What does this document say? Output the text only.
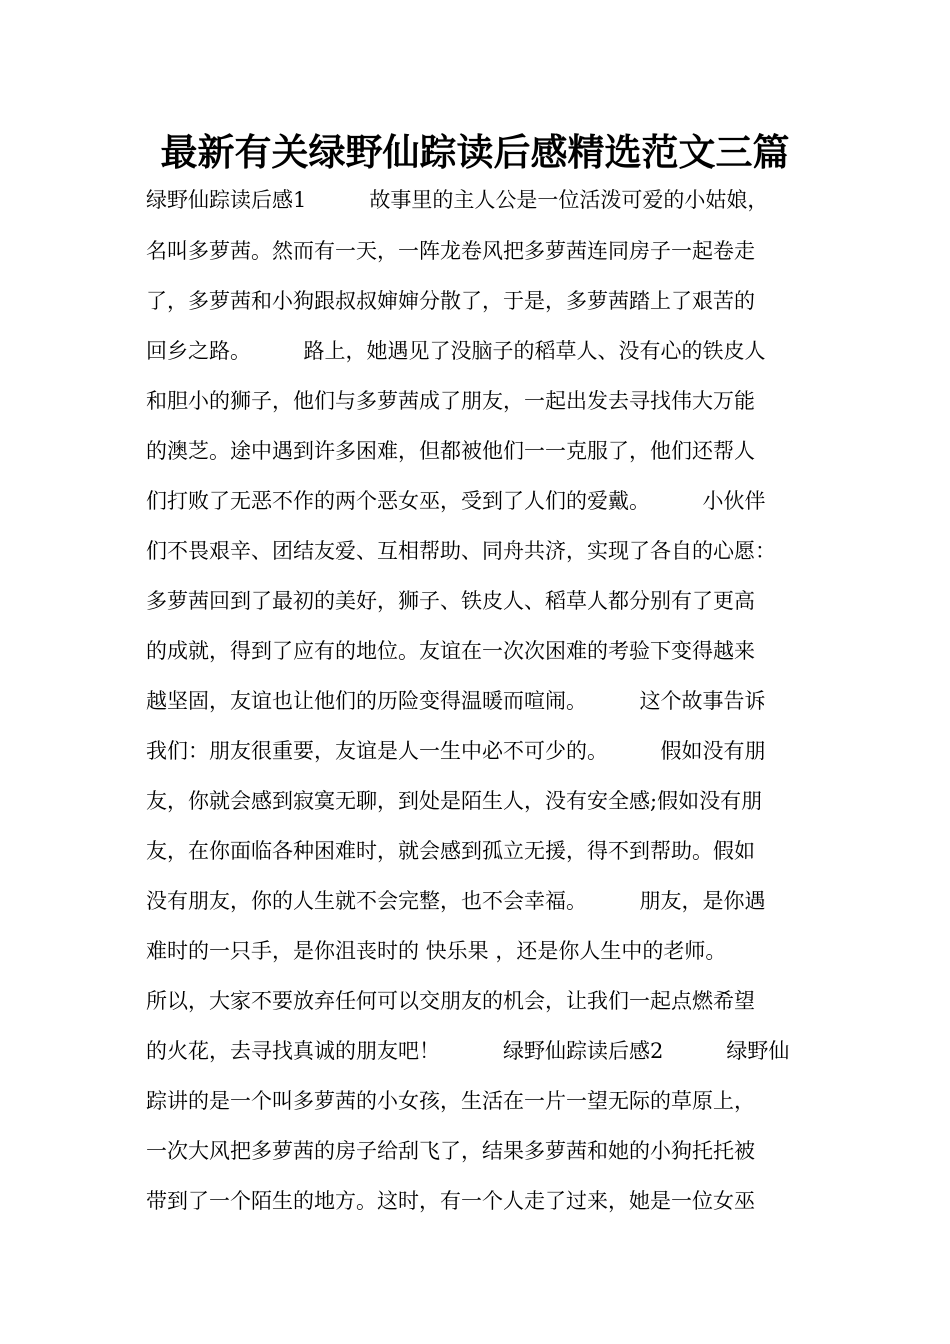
最新有关绿野仙踪读后感精选范文三篇
绿野仙踪读后感1　　　故事里的主人公是一位活泼可爱的小姑娘，
名叫多萝茜。然而有一天，一阵龙卷风把多萝茜连同房子一起卷走
了，多萝茜和小狗跟叔叔婶婶分散了，于是，多萝茜踏上了艰苦的
回乡之路。　　　路上，她遇见了没脑子的稻草人、没有心的铁皮人
和胆小的狮子，他们与多萝茜成了朋友，一起出发去寻找伟大万能
的澳芝。途中遇到许多困难，但都被他们一一克服了，他们还帮人
们打败了无恶不作的两个恶女巫，受到了人们的爱戴。　　　小伙伴
们不畏艰辛、团结友爱、互相帮助、同舟共济，实现了各自的心愿：
多萝茜回到了最初的美好，狮子、铁皮人、稻草人都分别有了更高
的成就，得到了应有的地位。友谊在一次次困难的考验下变得越来
越坚固，友谊也让他们的历险变得温暖而喧闹。　　　这个故事告诉
我们：朋友很重要，友谊是人一生中必不可少的。　　　假如没有朋
友，你就会感到寂寞无聊，到处是陌生人，没有安全感;假如没有朋
友，在你面临各种困难时，就会感到孤立无援，得不到帮助。假如
没有朋友，你的人生就不会完整，也不会幸福。　　　朋友，是你遇
难时的一只手，是你沮丧时的 快乐果 ，还是你人生中的老师。
所以，大家不要放弃任何可以交朋友的机会，让我们一起点燃希望
的火花，去寻找真诚的朋友吧！　　　绿野仙踪读后感2　　　绿野仙
踪讲的是一个叫多萝茜的小女孩，生活在一片一望无际的草原上，
一次大风把多萝茜的房子给刮飞了，结果多萝茜和她的小狗托托被
带到了一个陌生的地方。这时，有一个人走了过来，她是一位女巫
